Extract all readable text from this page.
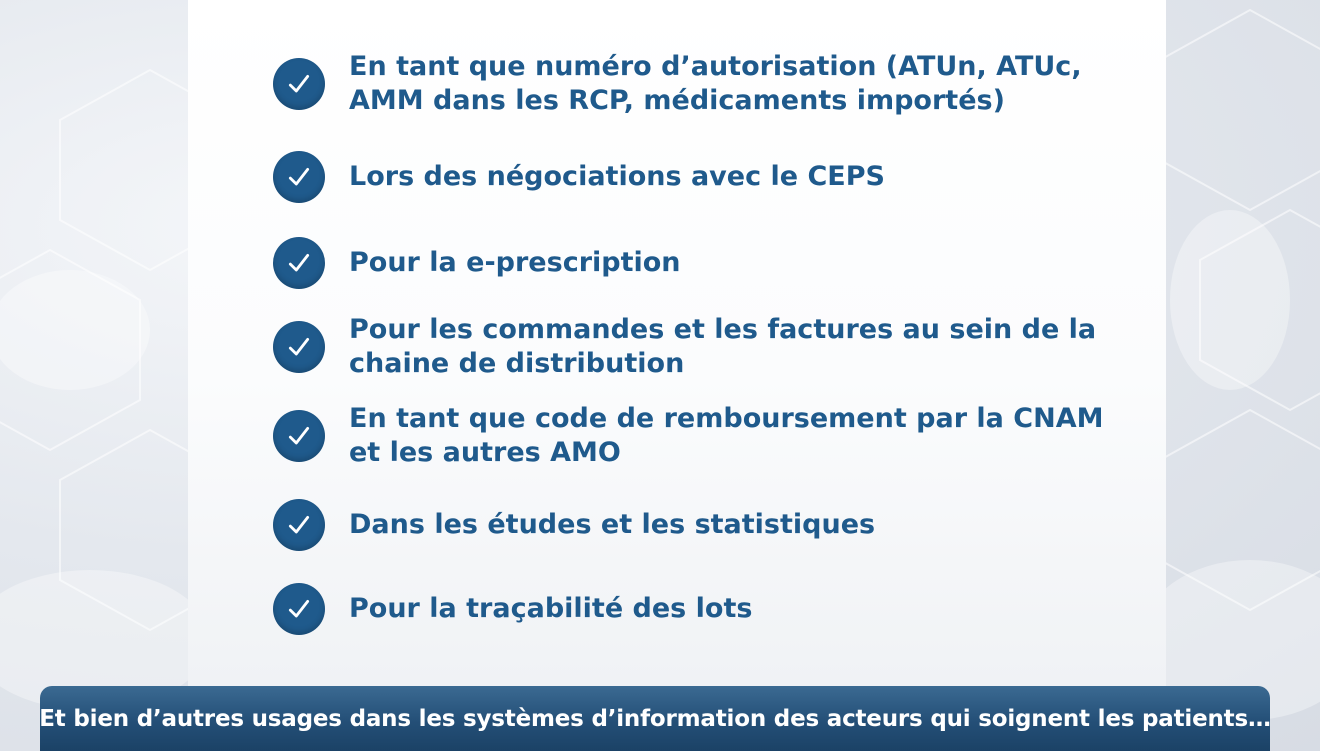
En tant que numéro d’autorisation (ATUn, ATUc,
AMM dans les RCP, médicaments importés)
Lors des négociations avec le CEPS
Pour la e-prescription
Pour les commandes et les factures au sein de la
chaine de distribution
En tant que code de remboursement par la CNAM
et les autres AMO
Dans les études et les statistiques
Pour la traçabilité des lots
Et bien d’autres usages dans les systèmes d’information des acteurs qui soignent les patients…
